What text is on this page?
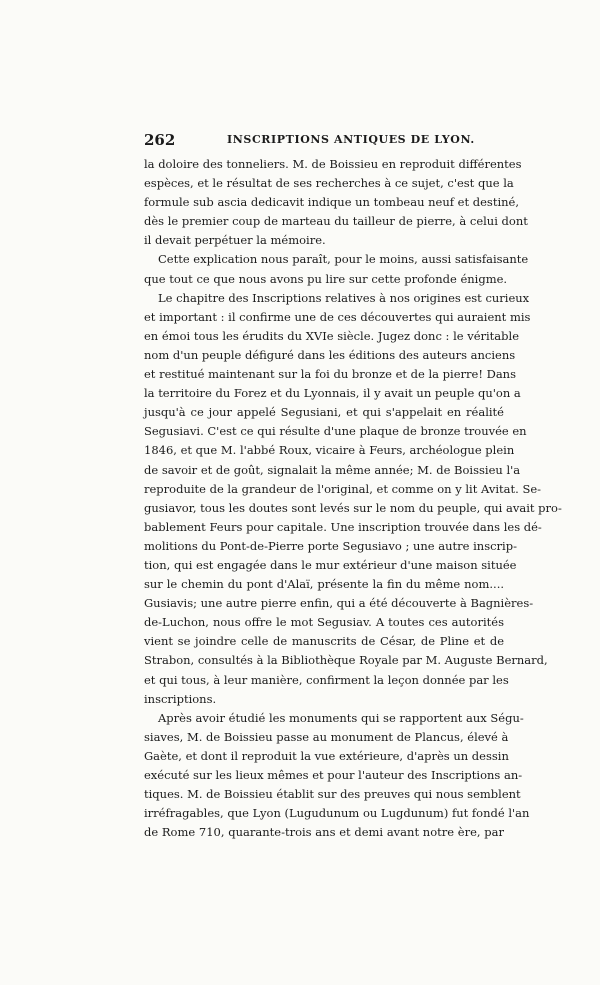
262	INSCRIPTIONS ANTIQUES DE LYON.
la doloire des tonneliers. M. de Boissieu en reproduit différentes
espèces, et le résultat de ses recherches à ce sujet, c'est que la
formule sub ascia dedicavit indique un tombeau neuf et destiné,
dès le premier coup de marteau du tailleur de pierre, à celui dont
il devait perpétuer la mémoire.
Cette explication nous paraît, pour le moins, aussi satisfaisante
que tout ce que nous avons pu lire sur cette profonde énigme.
Le chapitre des Inscriptions relatives à nos origines est curieux
et important : il confirme une de ces découvertes qui auraient mis
en émoi tous les érudits du XVIe siècle. Jugez donc : le véritable
nom d'un peuple défiguré dans les éditions des auteurs anciens
et restitué maintenant sur la foi du bronze et de la pierre! Dans
la territoire du Forez et du Lyonnais, il y avait un peuple qu'on a
jusqu'à ce jour appelé Segusiani, et qui s'appelait en réalité
Segusiavi. C'est ce qui résulte d'une plaque de bronze trouvée en
1846, et que M. l'abbé Roux, vicaire à Feurs, archéologue plein
de savoir et de goût, signalait la même année; M. de Boissieu l'a
reproduite de la grandeur de l'original, et comme on y lit Avitat. Se-
gusiavor, tous les doutes sont levés sur le nom du peuple, qui avait pro-
bablement Feurs pour capitale. Une inscription trouvée dans les dé-
molitions du Pont-de-Pierre porte Segusiavo ; une autre inscrip-
tion, qui est engagée dans le mur extérieur d'une maison située
sur le chemin du pont d'Alaï, présente la fin du même nom....
Gusiavis; une autre pierre enfin, qui a été découverte à Bagnières-
de-Luchon, nous offre le mot Segusiav. A toutes ces autorités
vient se joindre celle de manuscrits de César, de Pline et de
Strabon, consultés à la Bibliothèque Royale par M. Auguste Bernard,
et qui tous, à leur manière, confirment la leçon donnée par les
inscriptions.
Après avoir étudié les monuments qui se rapportent aux Ségu-
siaves, M. de Boissieu passe au monument de Plancus, élevé à
Gaète, et dont il reproduit la vue extérieure, d'après un dessin
exécuté sur les lieux mêmes et pour l'auteur des Inscriptions an-
tiques. M. de Boissieu établit sur des preuves qui nous semblent
irréfragables, que Lyon (Lugudunum ou Lugdunum) fut fondé l'an
de Rome 710, quarante-trois ans et demi avant notre ère, par
